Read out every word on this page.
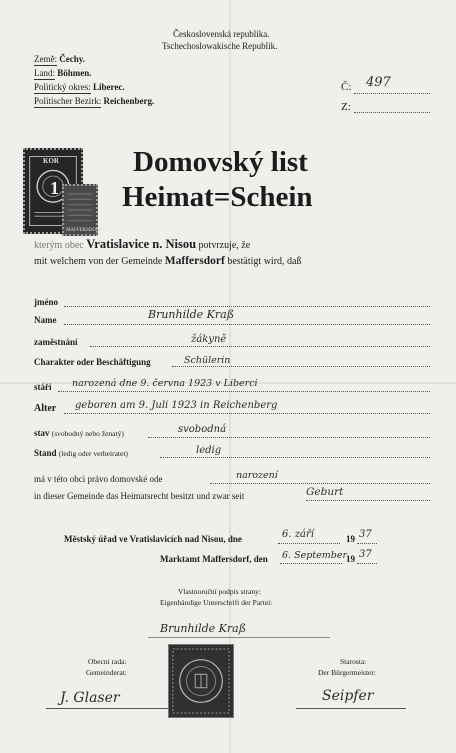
Československá republika.
Tschechoslowakische Republik.
Země: Čechy.
Land: Böhmen.
Politický okres: Liberec.
Politischer Bezirk: Reichenberg.
Č: 497
Z:
Domovský list
Heimat=Schein
KOR
1
MAFFERSDORF
kterým obec Vratislavice n. Nisou potvrzuje, že
mit welchem von der Gemeinde Maffersdorf bestätigt wird, daß
jméno
Name	Brunhilde Kraß
zaměstnání	žákyně
Charakter oder Beschäftigung	Schülerin
stáří narozená dne 9. června 1923 v Liberci
Alter geboren am 9. Juli 1923 in Reichenberg
stav (svobodný nebo ženatý)	svobodná
Stand (ledig oder verheiratet)	ledig
má v této obci právo domovské ode	narození
in dieser Gemeinde das Heimatsrecht besitzt und zwar seit	Geburt
Městský úřad ve Vratislavicích nad Nisou, dne	6. září	19 37
Marktamt Maffersdorf, den 6. September 19 37
Vlastnoruční podpis strany:
Eigenhändige Unterschrift der Partei:
Brunhilde Kraß
Obecní rada:
Gemeinderat:
J. Glaser
Starosta:
Der Bürgermeister:
Seipfer
